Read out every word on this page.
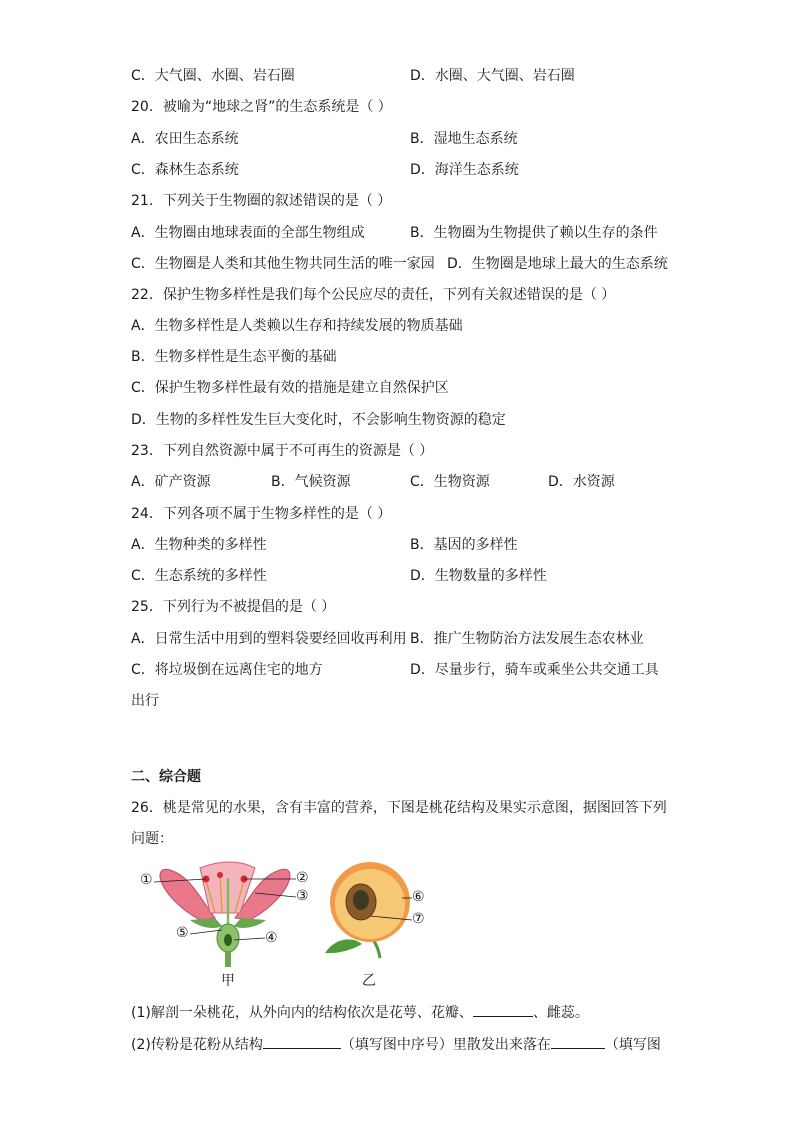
C．大气圈、水圈、岩石圈	D．水圈、大气圈、岩石圈
20．被喻为“地球之肾”的生态系统是（ ）
A．农田生态系统	B．湿地生态系统
C．森林生态系统	D．海洋生态系统
21．下列关于生物圈的叙述错误的是（ ）
A．生物圈由地球表面的全部生物组成	B．生物圈为生物提供了赖以生存的条件
C．生物圈是人类和其他生物共同生活的唯一家园 D．生物圈是地球上最大的生态系统
22．保护生物多样性是我们每个公民应尽的责任，下列有关叙述错误的是（ ）
A．生物多样性是人类赖以生存和持续发展的物质基础
B．生物多样性是生态平衡的基础
C．保护生物多样性最有效的措施是建立自然保护区
D．生物的多样性发生巨大变化时，不会影响生物资源的稳定
23．下列自然资源中属于不可再生的资源是（ ）
A．矿产资源	B．气候资源	C．生物资源	D．水资源
24．下列各项不属于生物多样性的是（ ）
A．生物种类的多样性	B．基因的多样性
C．生态系统的多样性	D．生物数量的多样性
25．下列行为不被提倡的是（ ）
A．日常生活中用到的塑料袋要经回收再利用 B．推广生物防治方法发展生态农林业
C．将垃圾倒在远离住宅的地方	D．尽量步行，骑车或乘坐公共交通工具
出行
二、综合题
26．桃是常见的水果，含有丰富的营养，下图是桃花结构及果实示意图，据图回答下列
问题：
①	②
③
④
⑤
⑥
⑦
甲	乙
(1)解剖一朵桃花，从外向内的结构依次是花萼、花瓣、	、雌蕊。
(2)传粉是花粉从结构	（填写图中序号）里散发出来落在	（填写图
